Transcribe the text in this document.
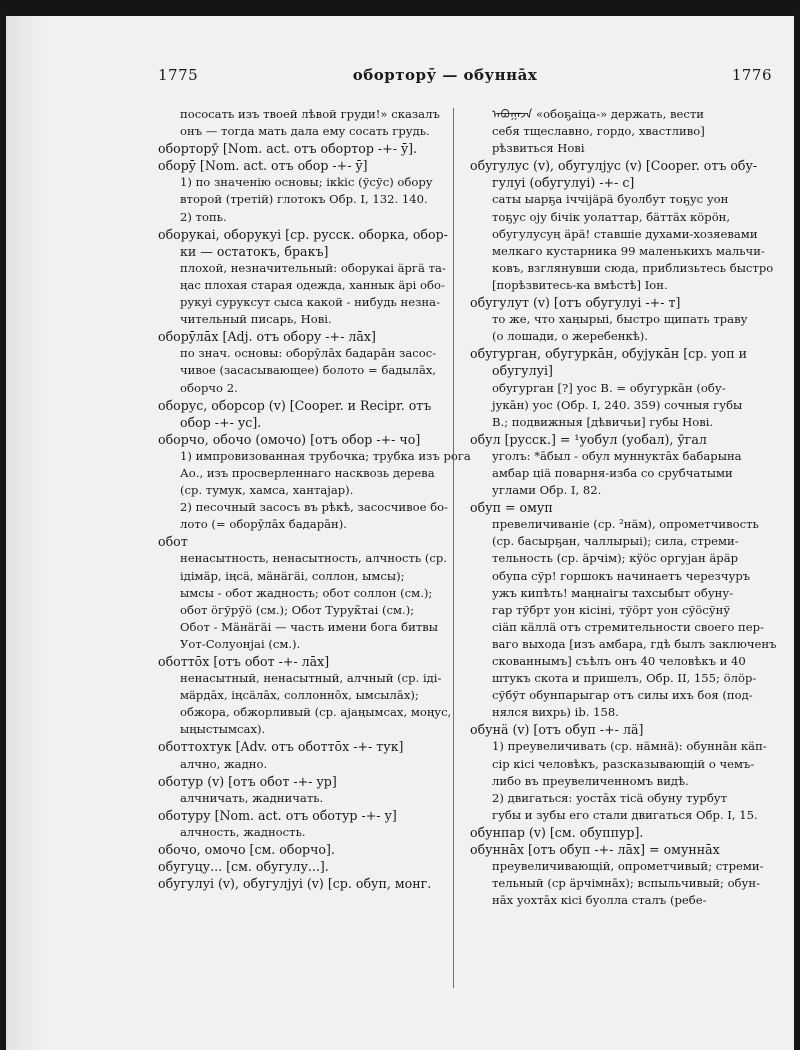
1775	оборторӯ — обуннāх	1776
пососать изъ твоей лѣвой груди!» сказалъ
онъ — тогда мать дала ему сосать грудь.
оборторӯ [Nom. act. отъ обортор -+- ȳ].
оборȳ [Nom. act. отъ обор -+- ȳ]
1) по значенію основы; ікkіс (ўсўс) обору
второй (третій) глотокъ Обр. I, 132. 140.
2) топь.
оборукаі, оборукуі [ср. русск. оборка, обор-
ки — остатокъ, бракъ]
плохой, незначительный: оборукаі äргä та-
ңас плохая старая одежда, ханнык äрі обо-
рукуі суруксут сыса какой - нибудь незна-
чительный писарь, Нові.
оборȳлāх [Adj. отъ обору -+- лāх]
по знач. основы: оборȳлāх бадарāн засос-
чивое (засасывающее) болото = бадылāх,
оборчо 2.
оборус, оборсор (v) [Cooper. и Recipr. отъ
обор -+- ус].
оборчо, обочо (омочо) [отъ обор -+- чо]
1) импровизованная трубочка; трубка изъ рога
Ао., изъ просверленнаго насквозь дерева
(ср. тумук, хамса, хантајар).
2) песочный засосъ въ рѣкѣ, засосчивое бо-
лото (= оборȳлāх бадарāн).
обот
ненасытность, ненасытность, алчность (ср.
ідімäр, іңсä, мäнäгäі, соллон, ымсы);
ымсы - обот жадность; обот соллон (см.);
обот öгўрўö (см.); Обот Турук̃таі (см.);
Обот - Мäнäгäі — часть имени бога битвы
Уот-Солуонјаі (см.).
оботтōх [отъ обот -+- лāх]
ненасытный, ненасытный, алчный (ср. іді-
мäрдāх, іңсäлāх, соллоннōх, ымсылāх);
обжора, обжорливый (ср. ајаңымсах, моңус,
ыңыстымсах).
оботтохтук [Adv. отъ оботтōх -+- тук]
алчно, жадно.
оботур (v) [отъ обот -+- ур]
алчничать, жадничать.
оботуру [Nom. act. отъ оботур -+- у]
алчность, жадность.
обочо, омочо [см. оборчо].
обугуцу... [см. обугулу...].
обугулуі (v), обугулјуі (v) [ср. обуп, монг.
ᠠᠪᠤᠭᠠᠵᠠ «обоҕаіца-» держать, вести
себя тщеславно, гордо, хвастливо]
рѣзвиться Нові
обугулус (v), обугулјус (v) [Cooper. отъ обу-
гулуі (обугулуі) -+- с]
саты ыарҕа іччіјäрä буолбут тоҕус уон
тоҕус оју бічік уолаттар, бäттäх кöрöн,
обугулусуң äрä! ставшіе духами-хозяевами
мелкаго кустарника 99 маленькихъ мальчи-
ковъ, взглянувши сюда, приблизьтесь быстро
[порѣзвитесь-ка вмѣстѣ] Іон.
обугулут (v) [отъ обугулуі -+- т]
то же, что хаңырыі, быстро щипать траву
(о лошади, о жеребенкѣ).
обугурган, обугуркāн, обујукāн [ср. уоп и
обугулуі]
обугурган [?] уос В. = обугуркāн (обу-
јукāн) уос (Обр. I, 240. 359) сочныя губы
В.; подвижныя [дѣвичьи] губы Нові.
обул [русск.] = ¹уобул (уобал), ӯгал
уголъ: *āбыл - обул муннуктāх бабарына
амбар ціä поварня-изба со срубчатыми
углами Обр. I, 82.
обуп = омуп
превеличиваніе (ср. ²нäм), опрометчивость
(ср. басырҕан, чаллырыі); сила, стреми-
тельность (ср. äрчім); кÿöс оргујан äрäр
обупа сўр! горшокъ начинаетъ черезчуръ
ужъ кипѣть! маңнаігы тахсыбыт обуну-
гар тўбрт уон кісіні, тўöрт уон сўöсўнў
сіäп кäллä отъ стремительности своего пер-
ваго выхода [изъ амбара, гдѣ былъ заключенъ
скованнымъ] съѣлъ онъ 40 человѣкъ и 40
штукъ скота и пришелъ, Обр. II, 155; öлöр-
сўбўт обунпарыгар отъ силы ихъ боя (под-
нялся вихрь) ib. 158.
обунä (v) [отъ обуп -+- лä]
1) преувеличивать (ср. нäмнä): обуннāн кäп-
сір кісі человѣкъ, разсказывающій о чемъ-
либо въ преувеличенномъ видѣ.
2) двигаться: уостāх тісä обуну турбут
губы и зубы его стали двигаться Обр. I, 15.
обунпар (v) [см. обуппур].
обуннāх [отъ обуп -+- лāх] = омуннāх
преувеличивающій, опрометчивый; стреми-
тельный (ср äрчімнāх); вспыльчивый; обун-
нāх уохтāх кісі буолла сталъ (ребе-
